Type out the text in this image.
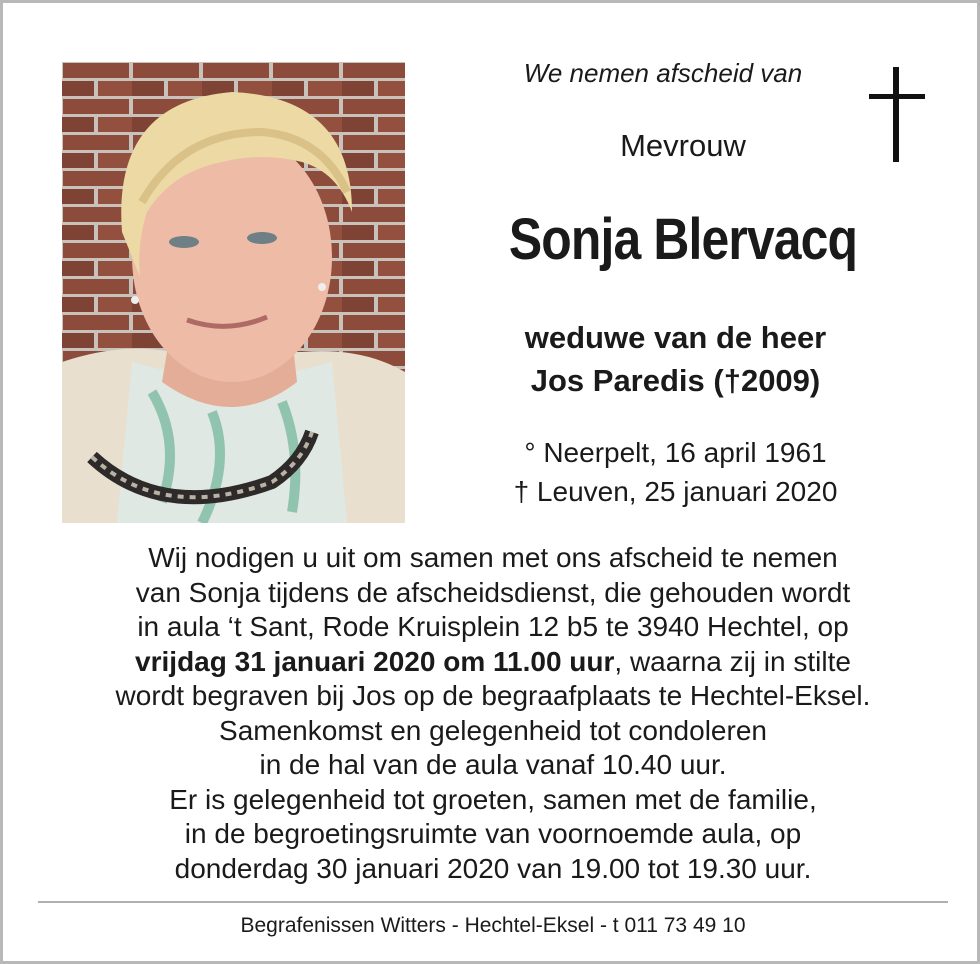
We nemen afscheid van

Mevrouw

Sonja Blervacq

weduwe van de heer
Jos Paredis (†2009)
° Neerpelt, 16 april 1961
† Leuven, 25 januari 2020
Wij nodigen u uit om samen met ons afscheid te nemen
van Sonja tijdens de afscheidsdienst, die gehouden wordt
in aula ‘t Sant, Rode Kruisplein 12 b5 te 3940 Hechtel, op
vrijdag 31 januari 2020 om 11.00 uur, waarna zij in stilte
wordt begraven bij Jos op de begraafplaats te Hechtel-Eksel.
Samenkomst en gelegenheid tot condoleren
in de hal van de aula vanaf 10.40 uur.
Er is gelegenheid tot groeten, samen met de familie,
in de begroetingsruimte van voornoemde aula, op
donderdag 30 januari 2020 van 19.00 tot 19.30 uur.

Begrafenissen Witters - Hechtel-Eksel - t 011 73 49 10
